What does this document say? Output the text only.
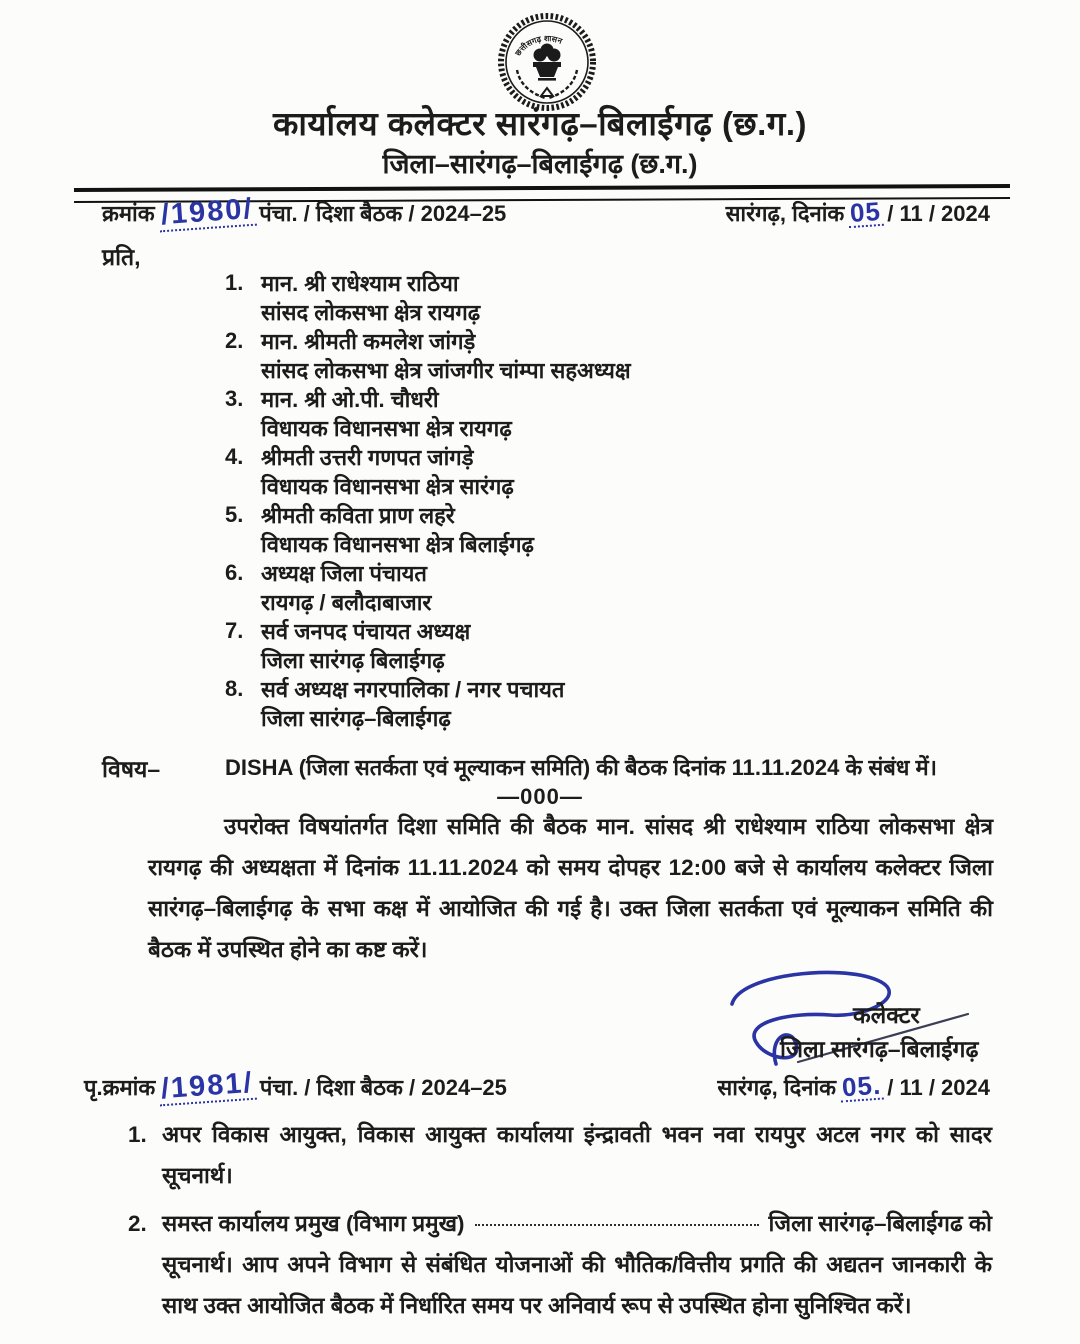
छत्तीसगढ़ शासन
कार्यालय कलेक्टर सारंगढ़–बिलाईगढ़ (छ.ग.)
जिला–सारंगढ़–बिलाईगढ़ (छ.ग.)
क्रमांक /1980/ पंचा. / दिशा बैठक / 2024–25	सारंगढ़, दिनांक 05 / 11 / 2024
प्रति,
1. मान. श्री राधेश्याम राठिया
सांसद लोकसभा क्षेत्र रायगढ़
2. मान. श्रीमती कमलेश जांगड़े
सांसद लोकसभा क्षेत्र जांजगीर चांम्पा सहअध्यक्ष
3. मान. श्री ओ.पी. चौधरी
विधायक विधानसभा क्षेत्र रायगढ़
4. श्रीमती उत्तरी गणपत जांगड़े
विधायक विधानसभा क्षेत्र सारंगढ़
5. श्रीमती कविता प्राण लहरे
विधायक विधानसभा क्षेत्र बिलाईगढ़
6. अध्यक्ष जिला पंचायत
रायगढ़ / बलौदाबाजार
7. सर्व जनपद पंचायत अध्यक्ष
जिला सारंगढ़ बिलाईगढ़
8. सर्व अध्यक्ष नगरपालिका / नगर पचायत
जिला सारंगढ़–बिलाईगढ़
विषय–	DISHA (जिला सतर्कता एवं मूल्याकन समिति) की बैठक दिनांक 11.11.2024 के संबंध में।
—000—
उपरोक्त विषयांतर्गत दिशा समिति की बैठक मान. सांसद श्री राधेश्याम राठिया लोकसभा क्षेत्र रायगढ़ की अध्यक्षता में दिनांक 11.11.2024 को समय दोपहर 12:00 बजे से कार्यालय कलेक्टर जिला सारंगढ़–बिलाईगढ़ के सभा कक्ष में आयोजित की गई है। उक्त जिला सतर्कता एवं मूल्याकन समिति की बैठक में उपस्थित होने का कष्ट करें।
कलेक्टर
जिला सारंगढ़–बिलाईगढ़
पृ.क्रमांक /1981/ पंचा. / दिशा बैठक / 2024–25	सारंगढ़, दिनांक 05. / 11 / 2024
1. अपर विकास आयुक्त, विकास आयुक्त कार्यालया इंन्द्रावती भवन नवा रायपुर अटल नगर को सादर सूचनार्थ।
2. समस्त कार्यालय प्रमुख (विभाग प्रमुख)	जिला सारंगढ़–बिलाईगढ को
सूचनार्थ। आप अपने विभाग से संबंधित योजनाओं की भौतिक/वित्तीय प्रगति की अद्यतन जानकारी के साथ उक्त आयोजित बैठक में निर्धारित समय पर अनिवार्य रूप से उपस्थित होना सुनिश्चित करें।
